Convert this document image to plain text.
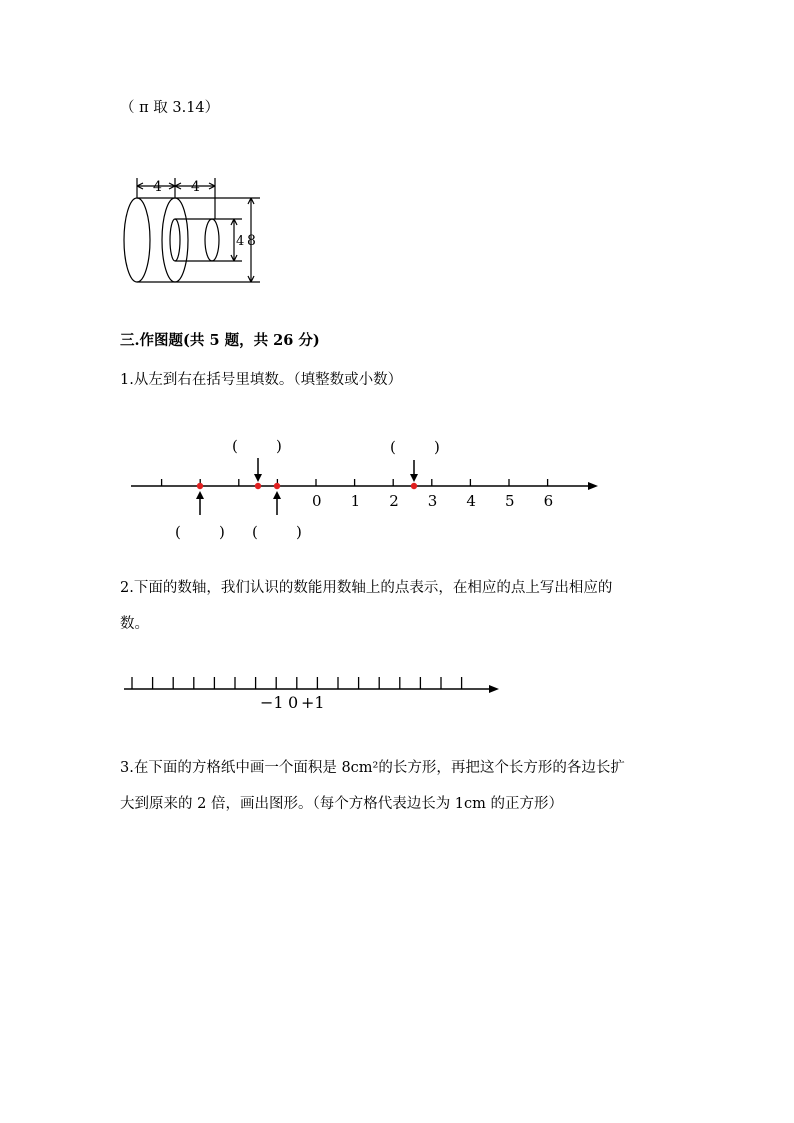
（ π 取 3.14）
4 4
4 8
三.作图题(共 5 题，共 26 分)
1.从左到右在括号里填数。（填整数或小数）
0 1 2 3 4 5 6
(        )	(        )
(        ) (        )
2.下面的数轴，我们认识的数能用数轴上的点表示，在相应的点上写出相应的
数。
−1 0 +1
3.在下面的方格纸中画一个面积是 8cm²的长方形，再把这个长方形的各边长扩
大到原来的 2 倍，画出图形。（每个方格代表边长为 1cm 的正方形）
